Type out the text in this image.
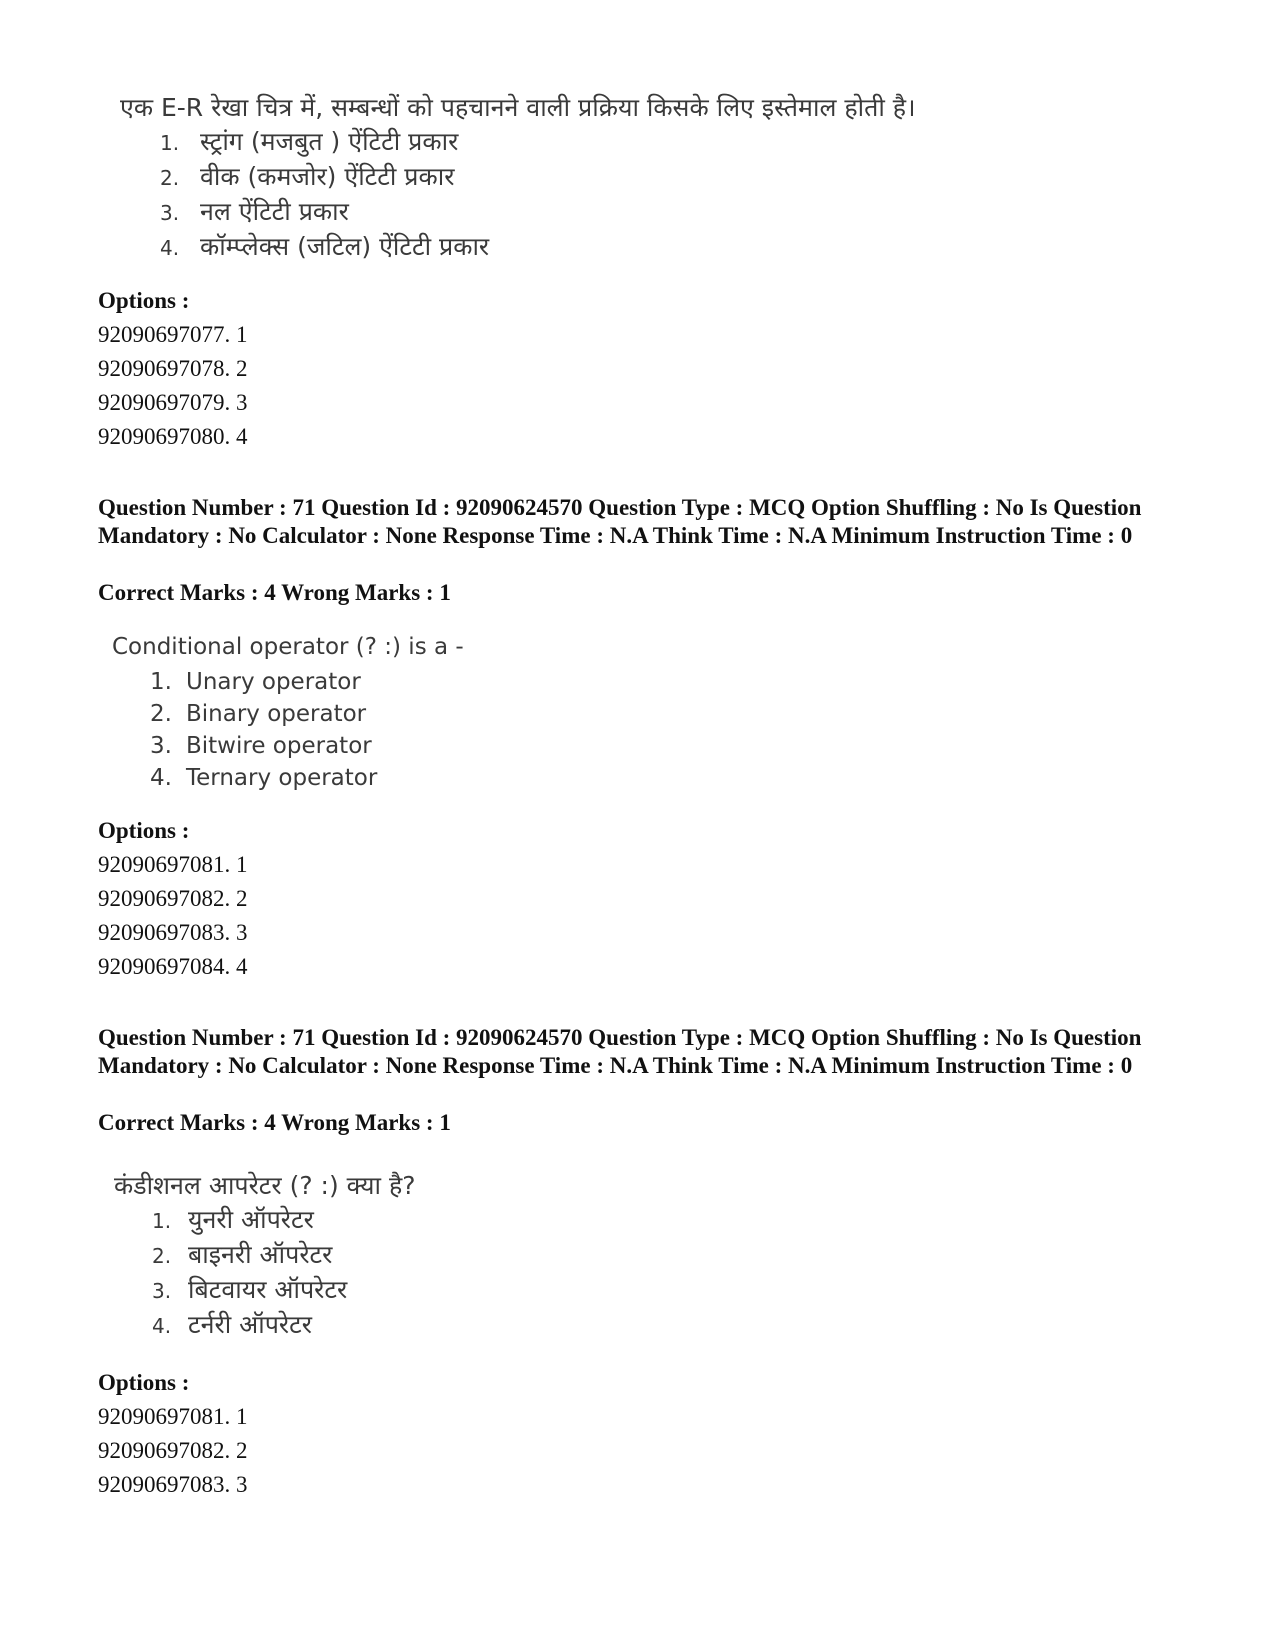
एक E-R रेखा चित्र में, सम्बन्धों को पहचानने वाली प्रक्रिया किसके लिए इस्तेमाल होती है।
1. स्ट्रांग (मजबुत ) ऐंटिटी प्रकार
2. वीक (कमजोर) ऐंटिटी प्रकार
3. नल ऐंटिटी प्रकार
4. कॉम्प्लेक्स (जटिल) ऐंटिटी प्रकार
Options :
92090697077. 1
92090697078. 2
92090697079. 3
92090697080. 4
Question Number : 71 Question Id : 92090624570 Question Type : MCQ Option Shuffling : No Is Question Mandatory : No Calculator : None Response Time : N.A Think Time : N.A Minimum Instruction Time : 0
Correct Marks : 4 Wrong Marks : 1
Conditional operator (? :) is a -
1. Unary operator
2. Binary operator
3. Bitwire operator
4. Ternary operator
Options :
92090697081. 1
92090697082. 2
92090697083. 3
92090697084. 4
Question Number : 71 Question Id : 92090624570 Question Type : MCQ Option Shuffling : No Is Question Mandatory : No Calculator : None Response Time : N.A Think Time : N.A Minimum Instruction Time : 0
Correct Marks : 4 Wrong Marks : 1
कंडीशनल आपरेटर (? :) क्या है?
1. युनरी ऑपरेटर
2. बाइनरी ऑपरेटर
3. बिटवायर ऑपरेटर
4. टर्नरी ऑपरेटर
Options :
92090697081. 1
92090697082. 2
92090697083. 3
